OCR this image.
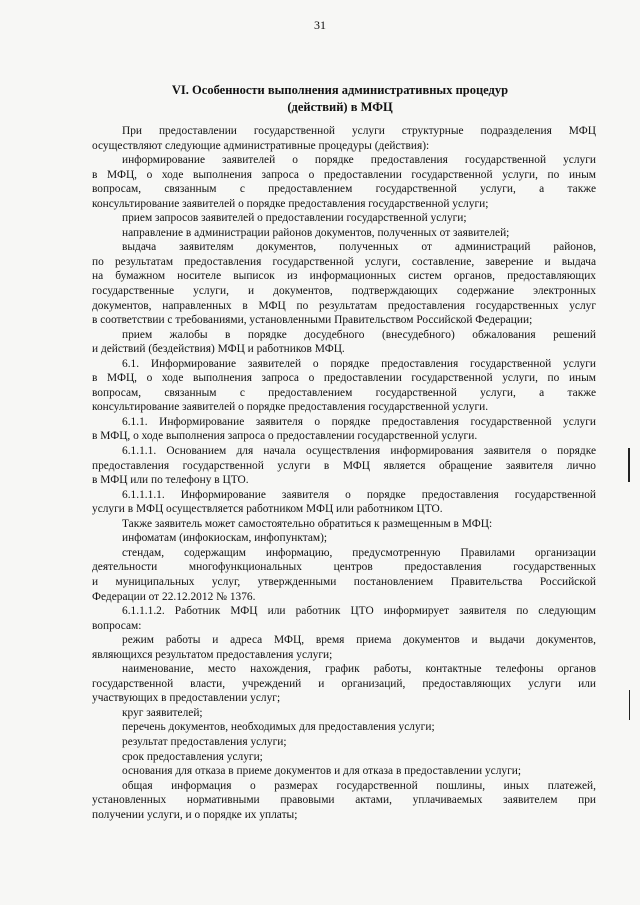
31
VI. Особенности выполнения административных процедур
(действий) в МФЦ
При предоставлении государственной услуги структурные подразделения МФЦ
осуществляют следующие административные процедуры (действия):
информирование заявителей о порядке предоставления государственной услуги
в МФЦ, о ходе выполнения запроса о предоставлении государственной услуги, по иным
вопросам, связанным с предоставлением государственной услуги, а также
консультирование заявителей о порядке предоставления государственной услуги;
прием запросов заявителей о предоставлении государственной услуги;
направление в администрации районов документов, полученных от заявителей;
выдача заявителям документов, полученных от администраций районов,
по результатам предоставления государственной услуги, составление, заверение и выдача
на бумажном носителе выписок из информационных систем органов, предоставляющих
государственные услуги, и документов, подтверждающих содержание электронных
документов, направленных в МФЦ по результатам предоставления государственных услуг
в соответствии с требованиями, установленными Правительством Российской Федерации;
прием жалобы в порядке досудебного (внесудебного) обжалования решений
и действий (бездействия) МФЦ и работников МФЦ.
6.1. Информирование заявителей о порядке предоставления государственной услуги
в МФЦ, о ходе выполнения запроса о предоставлении государственной услуги, по иным
вопросам, связанным с предоставлением государственной услуги, а также
консультирование заявителей о порядке предоставления государственной услуги.
6.1.1. Информирование заявителя о порядке предоставления государственной услуги
в МФЦ, о ходе выполнения запроса о предоставлении государственной услуги.
6.1.1.1. Основанием для начала осуществления информирования заявителя о порядке
предоставления государственной услуги в МФЦ является обращение заявителя лично
в МФЦ или по телефону в ЦТО.
6.1.1.1.1. Информирование заявителя о порядке предоставления государственной
услуги в МФЦ осуществляется работником МФЦ или работником ЦТО.
Также заявитель может самостоятельно обратиться к размещенным в МФЦ:
инфоматам (инфокиоскам, инфопунктам);
стендам, содержащим информацию, предусмотренную Правилами организации
деятельности многофункциональных центров предоставления государственных
и муниципальных услуг, утвержденными постановлением Правительства Российской
Федерации от 22.12.2012 № 1376.
6.1.1.1.2. Работник МФЦ или работник ЦТО информирует заявителя по следующим
вопросам:
режим работы и адреса МФЦ, время приема документов и выдачи документов,
являющихся результатом предоставления услуги;
наименование, место нахождения, график работы, контактные телефоны органов
государственной власти, учреждений и организаций, предоставляющих услуги или
участвующих в предоставлении услуг;
круг заявителей;
перечень документов, необходимых для предоставления услуги;
результат предоставления услуги;
срок предоставления услуги;
основания для отказа в приеме документов и для отказа в предоставлении услуги;
общая информация о размерах государственной пошлины, иных платежей,
установленных нормативными правовыми актами, уплачиваемых заявителем при
получении услуги, и о порядке их уплаты;
